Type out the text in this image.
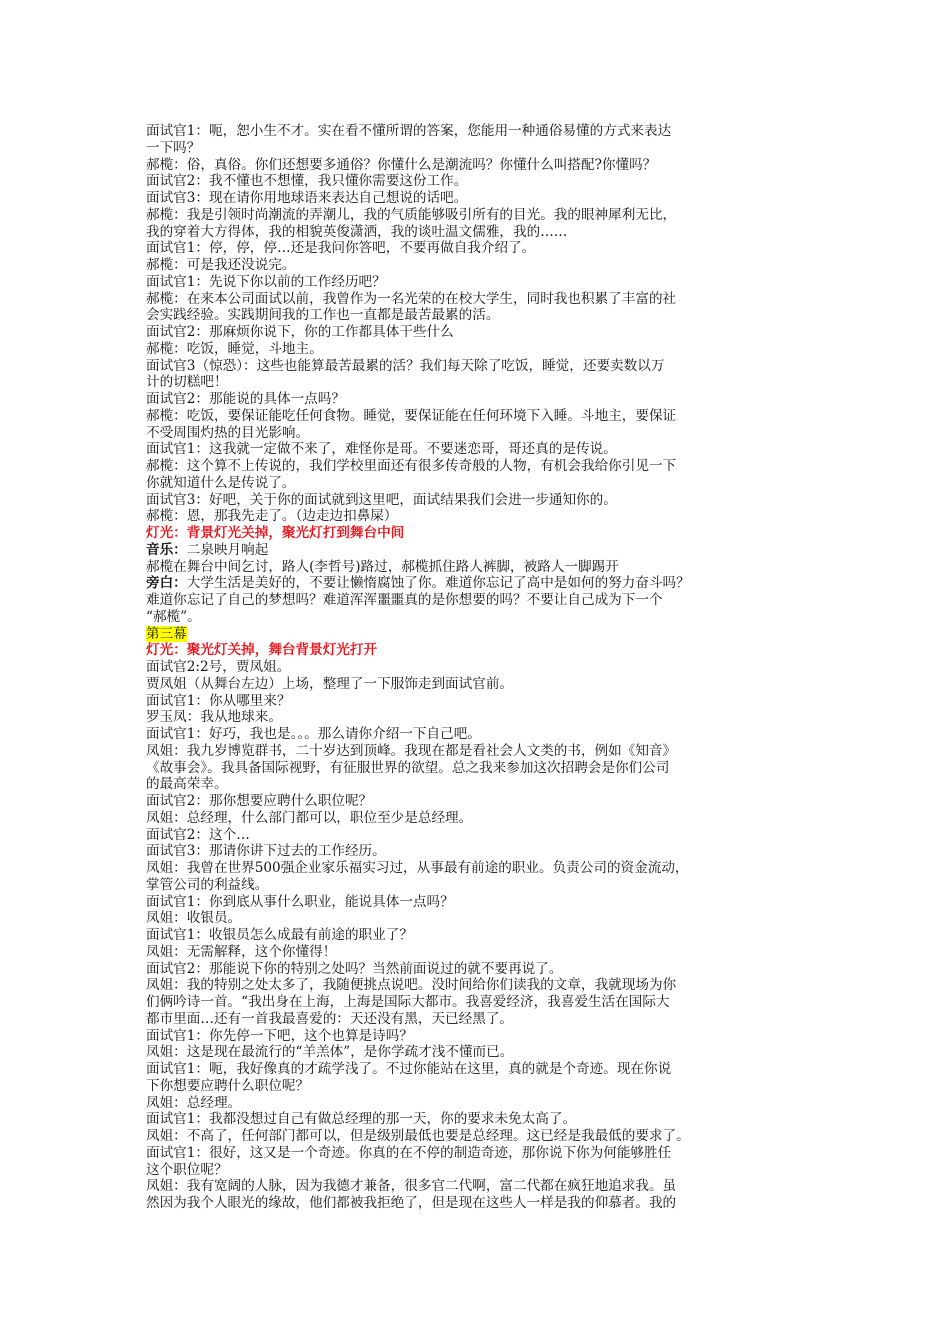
面试官1：呃，恕小生不才。实在看不懂所谓的答案，您能用一种通俗易懂的方式来表达
一下吗？
郝榄：俗，真俗。你们还想要多通俗？你懂什么是潮流吗？你懂什么叫搭配?你懂吗？
面试官2：我不懂也不想懂，我只懂你需要这份工作。
面试官3：现在请你用地球语来表达自己想说的话吧。
郝榄：我是引领时尚潮流的弄潮儿，我的气质能够吸引所有的目光。我的眼神犀利无比，
我的穿着大方得体，我的相貌英俊潇洒，我的谈吐温文儒雅，我的……
面试官1：停，停，停…还是我问你答吧，不要再做自我介绍了。
郝榄：可是我还没说完。
面试官1：先说下你以前的工作经历吧？
郝榄：在来本公司面试以前，我曾作为一名光荣的在校大学生，同时我也积累了丰富的社
会实践经验。实践期间我的工作也一直都是最苦最累的活。
面试官2：那麻烦你说下，你的工作都具体干些什么
郝榄：吃饭，睡觉，斗地主。
面试官3（惊恐）：这些也能算最苦最累的活？我们每天除了吃饭，睡觉，还要卖数以万
计的切糕吧！
面试官2：那能说的具体一点吗？
郝榄：吃饭，要保证能吃任何食物。睡觉，要保证能在任何环境下入睡。斗地主，要保证
不受周围灼热的目光影响。
面试官1：这我就一定做不来了，难怪你是哥。不要迷恋哥，哥还真的是传说。
郝榄：这个算不上传说的，我们学校里面还有很多传奇般的人物，有机会我给你引见一下
你就知道什么是传说了。
面试官3：好吧，关于你的面试就到这里吧，面试结果我们会进一步通知你的。
郝榄：恩，那我先走了。（边走边扣鼻屎）
灯光：背景灯光关掉，聚光灯打到舞台中间
音乐：二泉映月响起
郝榄在舞台中间乞讨，路人(李哲号)路过，郝榄抓住路人裤脚，被路人一脚踢开
旁白：大学生活是美好的，不要让懒惰腐蚀了你。难道你忘记了高中是如何的努力奋斗吗？
难道你忘记了自己的梦想吗？难道浑浑噩噩真的是你想要的吗？不要让自己成为下一个
“郝榄”。
第三幕
灯光：聚光灯关掉，舞台背景灯光打开
面试官2:2号，贾凤姐。
贾凤姐（从舞台左边）上场，整理了一下服饰走到面试官前。
面试官1：你从哪里来？
罗玉凤：我从地球来。
面试官1：好巧，我也是。。。那么请你介绍一下自己吧。
凤姐：我九岁博览群书，二十岁达到顶峰。我现在都是看社会人文类的书，例如《知音》
《故事会》。我具备国际视野，有征服世界的欲望。总之我来参加这次招聘会是你们公司
的最高荣幸。
面试官2：那你想要应聘什么职位呢？
凤姐：总经理，什么部门都可以，职位至少是总经理。
面试官2：这个…
面试官3：那请你讲下过去的工作经历。
凤姐：我曾在世界500强企业家乐福实习过，从事最有前途的职业。负责公司的资金流动，
掌管公司的利益线。
面试官1：你到底从事什么职业，能说具体一点吗？
凤姐：收银员。
面试官1：收银员怎么成最有前途的职业了？
凤姐：无需解释，这个你懂得！
面试官2：那能说下你的特别之处吗？当然前面说过的就不要再说了。
凤姐：我的特别之处太多了，我随便挑点说吧。没时间给你们读我的文章，我就现场为你
们俩吟诗一首。“我出身在上海，上海是国际大都市。我喜爱经济，我喜爱生活在国际大
都市里面…还有一首我最喜爱的：天还没有黑，天已经黑了。
面试官1：你先停一下吧，这个也算是诗吗？
凤姐：这是现在最流行的“羊羔体”，是你学疏才浅不懂而已。
面试官1：呃，我好像真的才疏学浅了。不过你能站在这里，真的就是个奇迹。现在你说
下你想要应聘什么职位呢？
凤姐：总经理。
面试官1：我都没想过自己有做总经理的那一天，你的要求未免太高了。
凤姐：不高了，任何部门都可以，但是级别最低也要是总经理。这已经是我最低的要求了。
面试官1：很好，这又是一个奇迹。你真的在不停的制造奇迹，那你说下你为何能够胜任
这个职位呢？
凤姐：我有宽阔的人脉，因为我德才兼备，很多官二代啊，富二代都在疯狂地追求我。虽
然因为我个人眼光的缘故，他们都被我拒绝了，但是现在这些人一样是我的仰慕者。我的
